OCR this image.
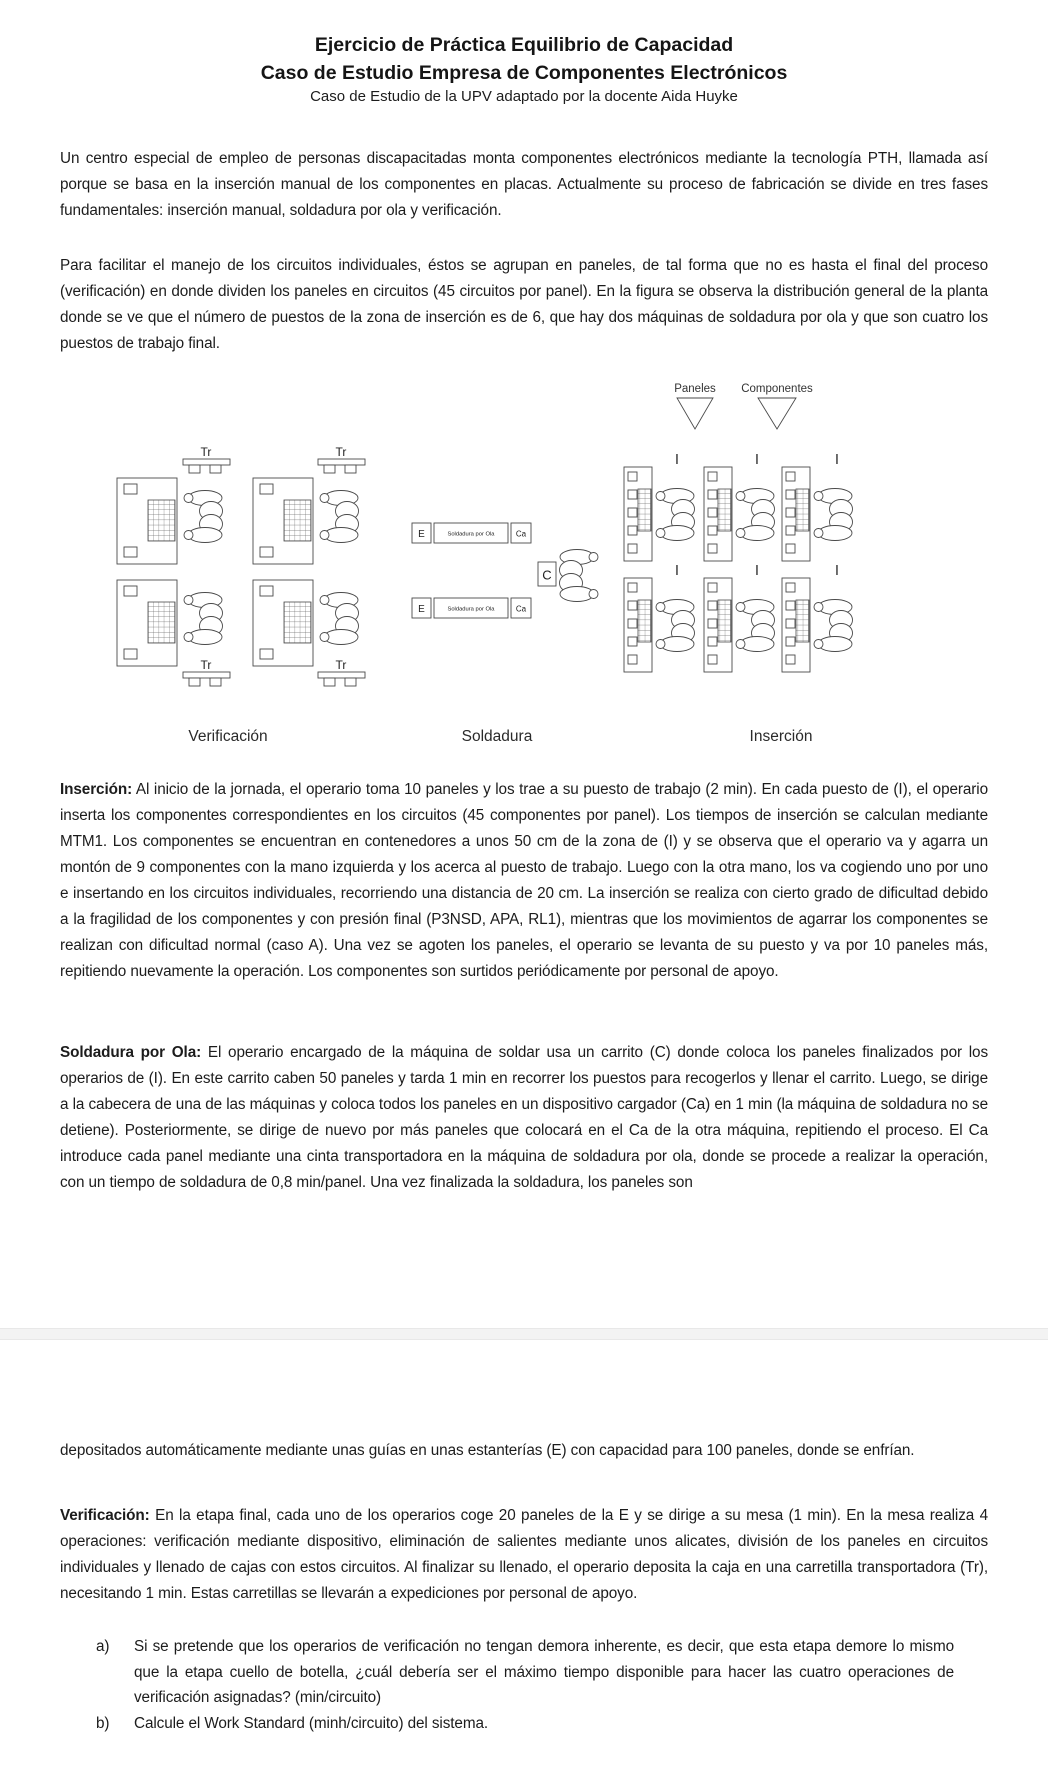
Ejercicio de Práctica Equilibrio de Capacidad
Caso de Estudio Empresa de Componentes Electrónicos
Caso de Estudio de la UPV adaptado por la docente Aida Huyke
Un centro especial de empleo de personas discapacitadas monta componentes electrónicos mediante la tecnología PTH, llamada así porque se basa en la inserción manual de los componentes en placas. Actualmente su proceso de fabricación se divide en tres fases fundamentales: inserción manual, soldadura por ola y verificación.
Para facilitar el manejo de los circuitos individuales, éstos se agrupan en paneles, de tal forma que no es hasta el final del proceso (verificación) en donde dividen los paneles en circuitos (45 circuitos por panel). En la figura se observa la distribución general de la planta donde se ve que el número de puestos de la zona de inserción es de 6, que hay dos máquinas de soldadura por ola y que son cuatro los puestos de trabajo final.
Paneles Componentes
I	I	I
I	I	I
E	Soldadura por Ola	Ca
E	Soldadura por Ola	Ca
C
Tr	Tr
Tr	Tr
Verificación	Soldadura	Inserción
Inserción: Al inicio de la jornada, el operario toma 10 paneles y los trae a su puesto de trabajo (2 min). En cada puesto de (I), el operario inserta los componentes correspondientes en los circuitos (45 componentes por panel). Los tiempos de inserción se calculan mediante MTM1. Los componentes se encuentran en contenedores a unos 50 cm de la zona de (I) y se observa que el operario va y agarra un montón de 9 componentes con la mano izquierda y los acerca al puesto de trabajo. Luego con la otra mano, los va cogiendo uno por uno e insertando en los circuitos individuales, recorriendo una distancia de 20 cm. La inserción se realiza con cierto grado de dificultad debido a la fragilidad de los componentes y con presión final (P3NSD, APA, RL1), mientras que los movimientos de agarrar los componentes se realizan con dificultad normal (caso A). Una vez se agoten los paneles, el operario se levanta de su puesto y va por 10 paneles más, repitiendo nuevamente la operación. Los componentes son surtidos periódicamente por personal de apoyo.
Soldadura por Ola: El operario encargado de la máquina de soldar usa un carrito (C) donde coloca los paneles finalizados por los operarios de (I). En este carrito caben 50 paneles y tarda 1 min en recorrer los puestos para recogerlos y llenar el carrito. Luego, se dirige a la cabecera de una de las máquinas y coloca todos los paneles en un dispositivo cargador (Ca) en 1 min (la máquina de soldadura no se detiene). Posteriormente, se dirige de nuevo por más paneles que colocará en el Ca de la otra máquina, repitiendo el proceso. El Ca introduce cada panel mediante una cinta transportadora en la máquina de soldadura por ola, donde se procede a realizar la operación, con un tiempo de soldadura de 0,8 min/panel. Una vez finalizada la soldadura, los paneles son
depositados automáticamente mediante unas guías en unas estanterías (E) con capacidad para 100 paneles, donde se enfrían.
Verificación: En la etapa final, cada uno de los operarios coge 20 paneles de la E y se dirige a su mesa (1 min). En la mesa realiza 4 operaciones: verificación mediante dispositivo, eliminación de salientes mediante unos alicates, división de los paneles en circuitos individuales y llenado de cajas con estos circuitos. Al finalizar su llenado, el operario deposita la caja en una carretilla transportadora (Tr), necesitando 1 min. Estas carretillas se llevarán a expediciones por personal de apoyo.
a)	Si se pretende que los operarios de verificación no tengan demora inherente, es decir, que esta etapa demore lo mismo que la etapa cuello de botella, ¿cuál debería ser el máximo tiempo disponible para hacer las cuatro operaciones de verificación asignadas? (min/circuito)
b)	Calcule el Work Standard (minh/circuito) del sistema.
